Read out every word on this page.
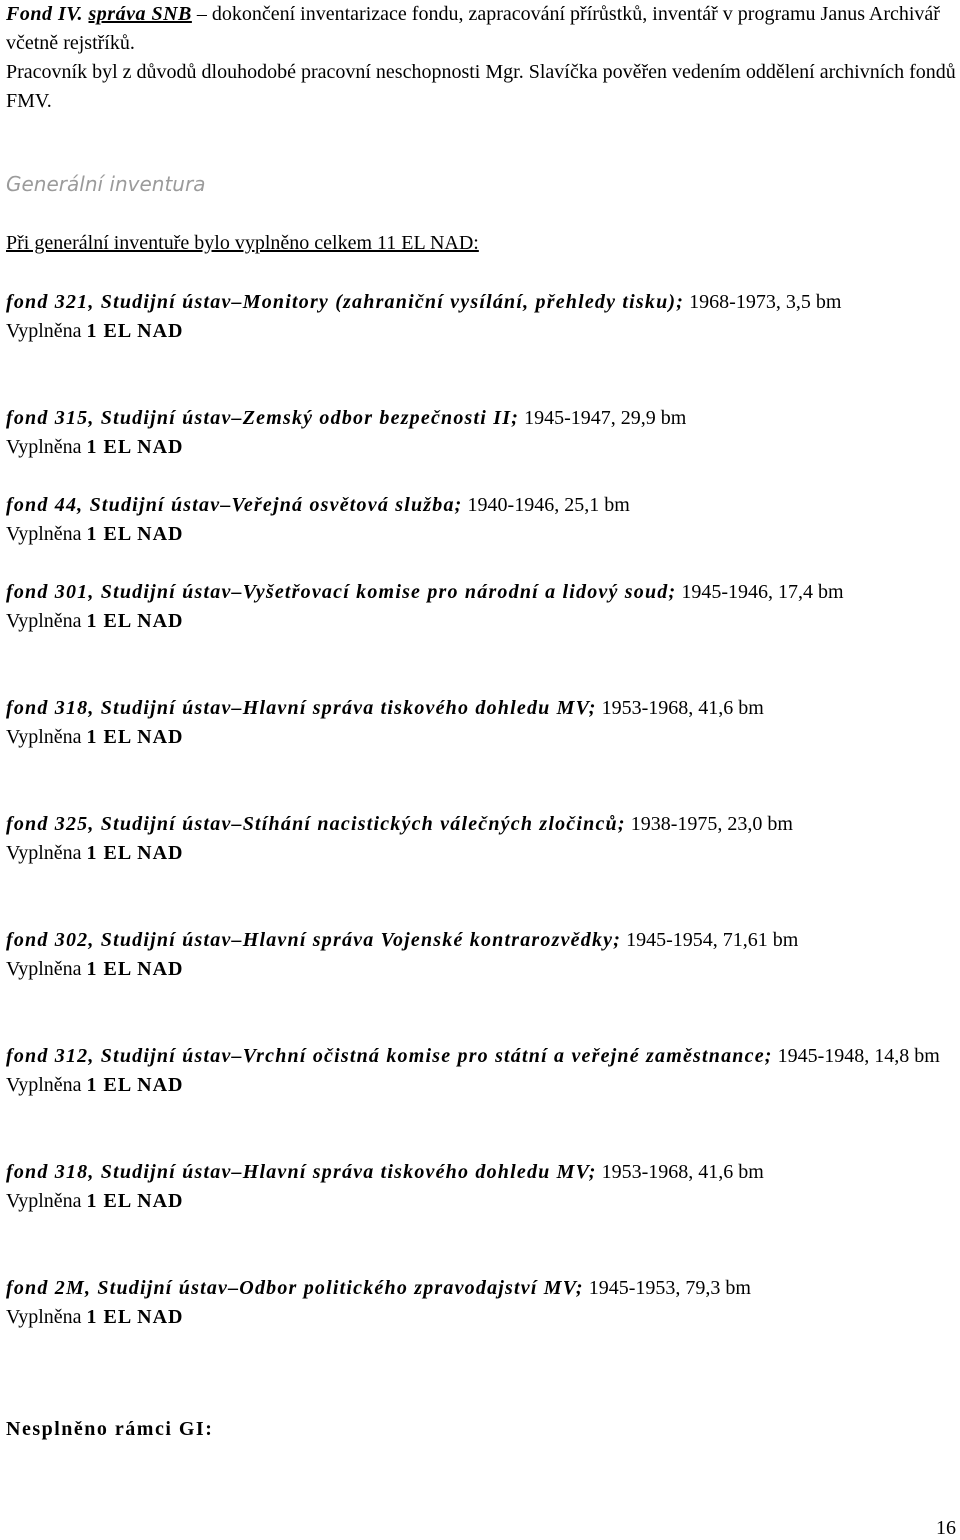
Fond IV. správa SNB – dokončení inventarizace fondu, zapracování přírůstků, inventář v programu Janus Archivář včetně rejstříků.
Pracovník byl z důvodů dlouhodobé pracovní neschopnosti Mgr. Slavíčka pověřen vedením oddělení archivních fondů FMV.
Generální inventura
Při generální inventuře bylo vyplněno celkem 11 EL NAD:
fond 321, Studijní ústav–Monitory (zahraniční vysílání, přehledy tisku); 1968-1973, 3,5 bm
Vyplněna 1 EL NAD
fond 315, Studijní ústav–Zemský odbor bezpečnosti II; 1945-1947, 29,9 bm
Vyplněna 1 EL NAD
fond 44, Studijní ústav–Veřejná osvětová služba; 1940-1946, 25,1 bm
Vyplněna 1 EL NAD
fond 301, Studijní ústav–Vyšetřovací komise pro národní a lidový soud; 1945-1946, 17,4 bm
Vyplněna 1 EL NAD
fond 318, Studijní ústav–Hlavní správa tiskového dohledu MV; 1953-1968, 41,6 bm
Vyplněna 1 EL NAD
fond 325, Studijní ústav–Stíhání nacistických válečných zločinců; 1938-1975, 23,0 bm
Vyplněna 1 EL NAD
fond 302, Studijní ústav–Hlavní správa Vojenské kontrarozvědky; 1945-1954, 71,61 bm
Vyplněna 1 EL NAD
fond 312, Studijní ústav–Vrchní očistná komise pro státní a veřejné zaměstnance; 1945-1948, 14,8 bm
Vyplněna 1 EL NAD
fond 318, Studijní ústav–Hlavní správa tiskového dohledu MV; 1953-1968, 41,6 bm
Vyplněna 1 EL NAD
fond 2M, Studijní ústav–Odbor politického zpravodajství MV; 1945-1953, 79,3 bm
Vyplněna 1 EL NAD
Nesplněno rámci GI:
16
